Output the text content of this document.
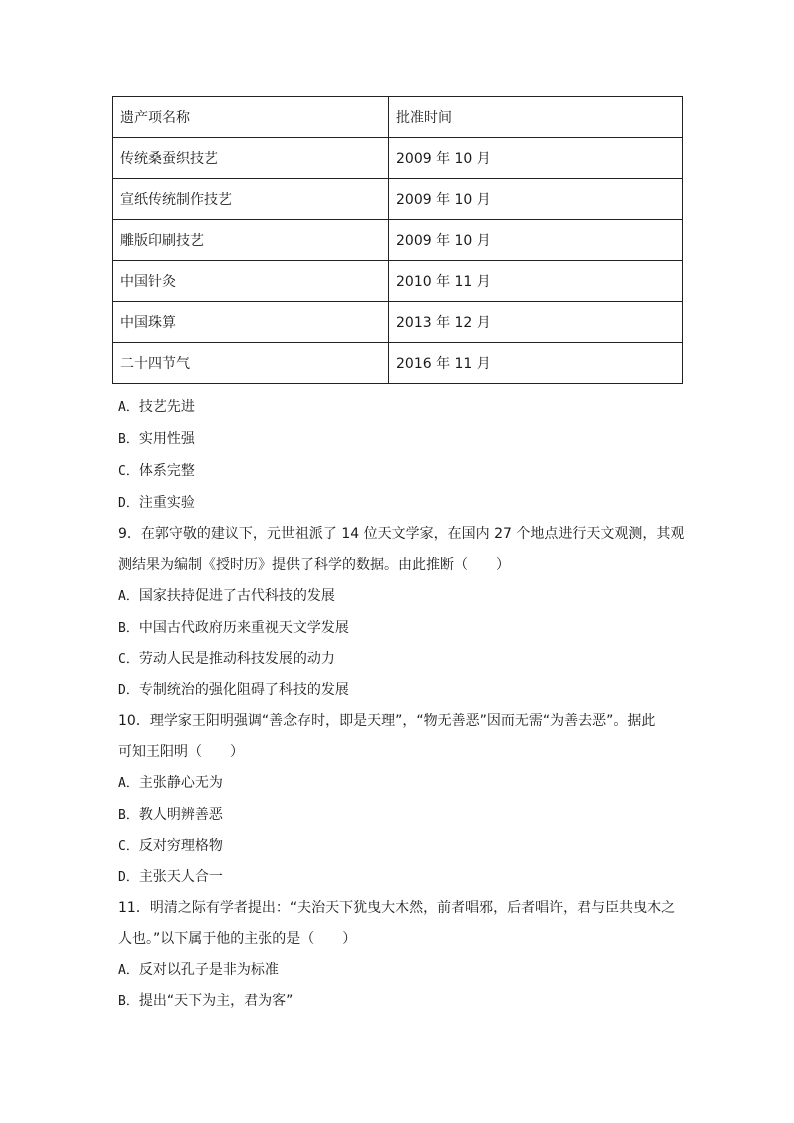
遗产项名称	批准时间
传统桑蚕织技艺	2009 年 10 月
宣纸传统制作技艺	2009 年 10 月
雕版印刷技艺	2009 年 10 月
中国针灸	2010 年 11 月
中国珠算	2013 年 12 月
二十四节气	2016 年 11 月
A．技艺先进
B．实用性强
C．体系完整
D．注重实验
9．在郭守敬的建议下，元世祖派了 14 位天文学家，在国内 27 个地点进行天文观测，其观
测结果为编制《授时历》提供了科学的数据。由此推断（　　）
A．国家扶持促进了古代科技的发展
B．中国古代政府历来重视天文学发展
C．劳动人民是推动科技发展的动力
D．专制统治的强化阻碍了科技的发展
10．理学家王阳明强调“善念存时，即是天理”，“物无善恶”因而无需“为善去恶”。据此
可知王阳明（　　）
A．主张静心无为
B．教人明辨善恶
C．反对穷理格物
D．主张天人合一
11．明清之际有学者提出：“夫治天下犹曳大木然，前者唱邪，后者唱许，君与臣共曳木之
人也。”以下属于他的主张的是（　　）
A．反对以孔子是非为标准
B．提出“天下为主，君为客”
